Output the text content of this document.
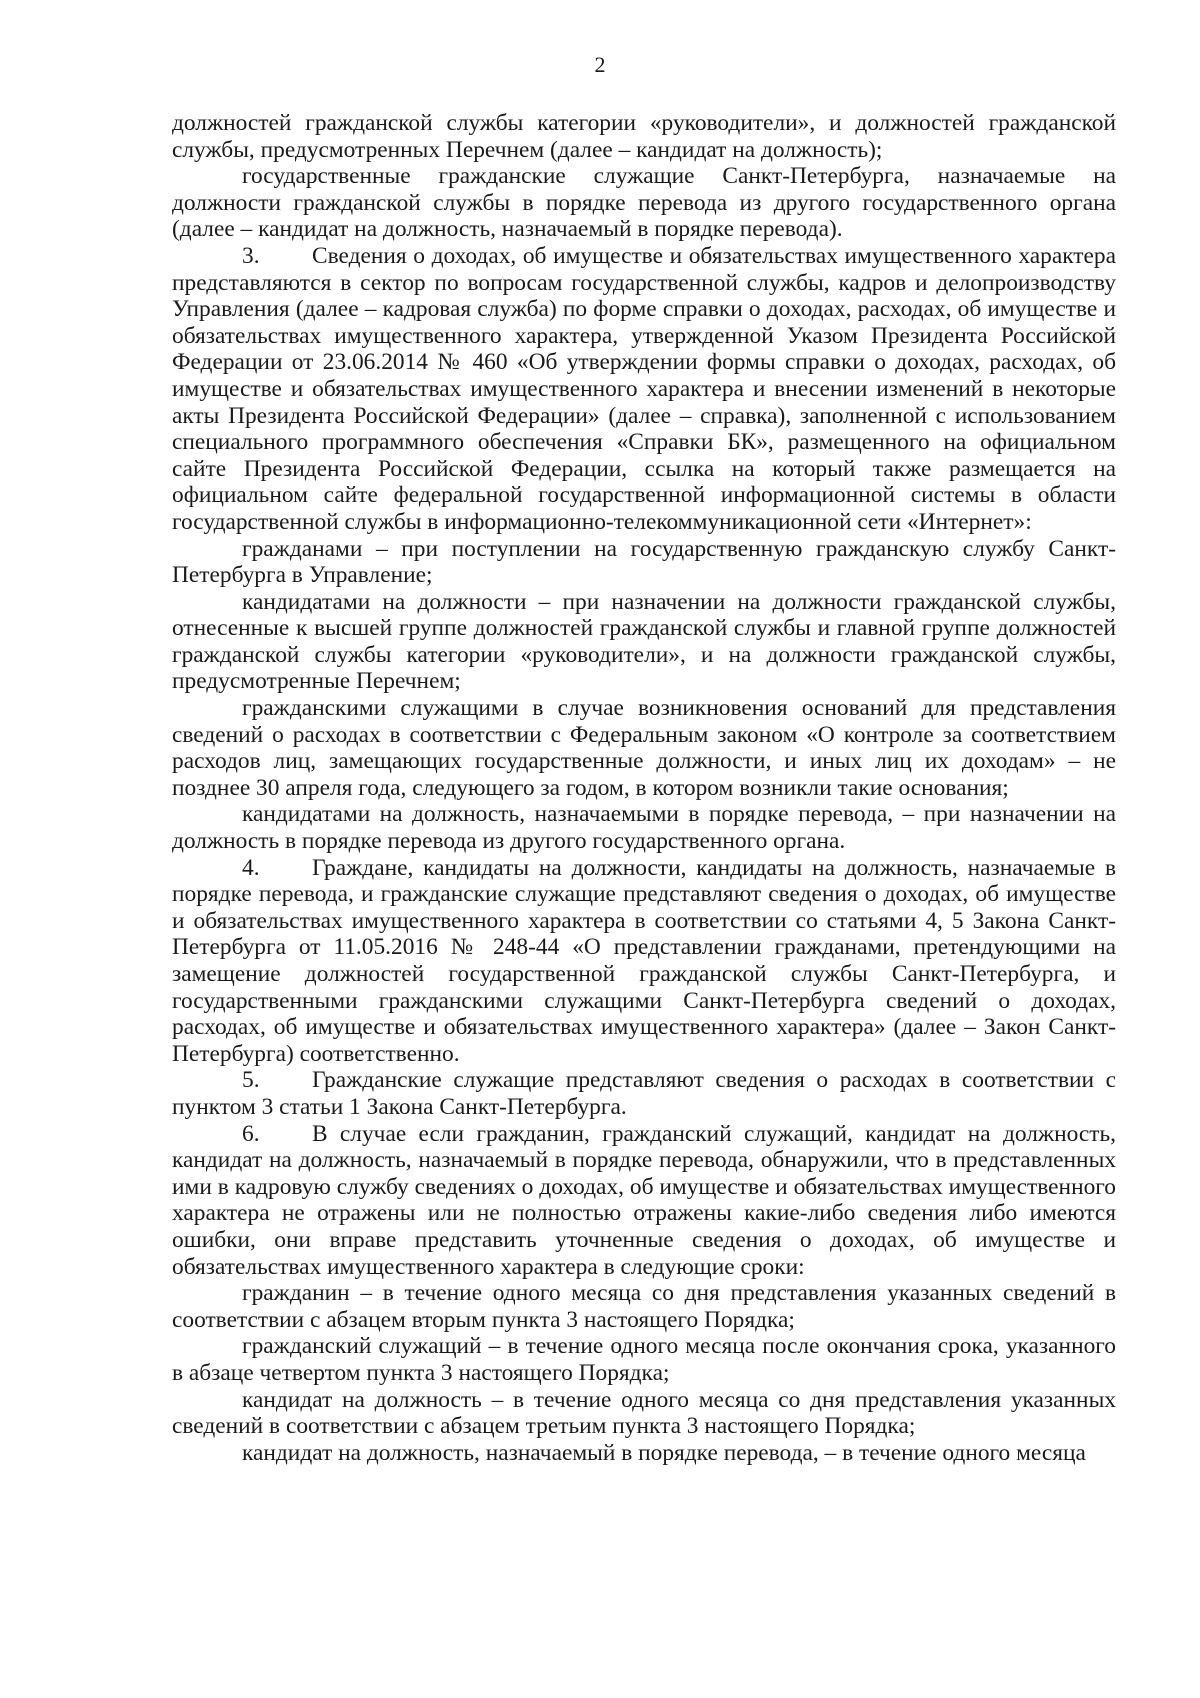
2

должностей гражданской службы категории «руководители», и должностей гражданской службы, предусмотренных Перечнем (далее – кандидат на должность);

государственные гражданские служащие Санкт-Петербурга, назначаемые на должности гражданской службы в порядке перевода из другого государственного органа (далее – кандидат на должность, назначаемый в порядке перевода).

3. Сведения о доходах, об имуществе и обязательствах имущественного характера представляются в сектор по вопросам государственной службы, кадров и делопроизводству Управления (далее – кадровая служба) по форме справки о доходах, расходах, об имуществе и обязательствах имущественного характера, утвержденной Указом Президента Российской Федерации от 23.06.2014 № 460 «Об утверждении формы справки о доходах, расходах, об имуществе и обязательствах имущественного характера и внесении изменений в некоторые акты Президента Российской Федерации» (далее – справка), заполненной с использованием специального программного обеспечения «Справки БК», размещенного на официальном сайте Президента Российской Федерации, ссылка на который также размещается на официальном сайте федеральной государственной информационной системы в области государственной службы в информационно-телекоммуникационной сети «Интернет»:

гражданами – при поступлении на государственную гражданскую службу Санкт-Петербурга в Управление;

кандидатами на должности – при назначении на должности гражданской службы, отнесенные к высшей группе должностей гражданской службы и главной группе должностей гражданской службы категории «руководители», и на должности гражданской службы, предусмотренные Перечнем;

гражданскими служащими в случае возникновения оснований для представления сведений о расходах в соответствии с Федеральным законом «О контроле за соответствием расходов лиц, замещающих государственные должности, и иных лиц их доходам» – не позднее 30 апреля года, следующего за годом, в котором возникли такие основания;

кандидатами на должность, назначаемыми в порядке перевода, – при назначении на должность в порядке перевода из другого государственного органа.

4. Граждане, кандидаты на должности, кандидаты на должность, назначаемые в порядке перевода, и гражданские служащие представляют сведения о доходах, об имуществе и обязательствах имущественного характера в соответствии со статьями 4, 5 Закона Санкт-Петербурга от 11.05.2016 № 248-44 «О представлении гражданами, претендующими на замещение должностей государственной гражданской службы Санкт-Петербурга, и государственными гражданскими служащими Санкт-Петербурга сведений о доходах, расходах, об имуществе и обязательствах имущественного характера» (далее – Закон Санкт-Петербурга) соответственно.

5. Гражданские служащие представляют сведения о расходах в соответствии с пунктом 3 статьи 1 Закона Санкт-Петербурга.

6. В случае если гражданин, гражданский служащий, кандидат на должность, кандидат на должность, назначаемый в порядке перевода, обнаружили, что в представленных ими в кадровую службу сведениях о доходах, об имуществе и обязательствах имущественного характера не отражены или не полностью отражены какие-либо сведения либо имеются ошибки, они вправе представить уточненные сведения о доходах, об имуществе и обязательствах имущественного характера в следующие сроки:

гражданин – в течение одного месяца со дня представления указанных сведений в соответствии с абзацем вторым пункта 3 настоящего Порядка;

гражданский служащий – в течение одного месяца после окончания срока, указанного в абзаце четвертом пункта 3 настоящего Порядка;

кандидат на должность – в течение одного месяца со дня представления указанных сведений в соответствии с абзацем третьим пункта 3 настоящего Порядка;

кандидат на должность, назначаемый в порядке перевода, – в течение одного месяца
